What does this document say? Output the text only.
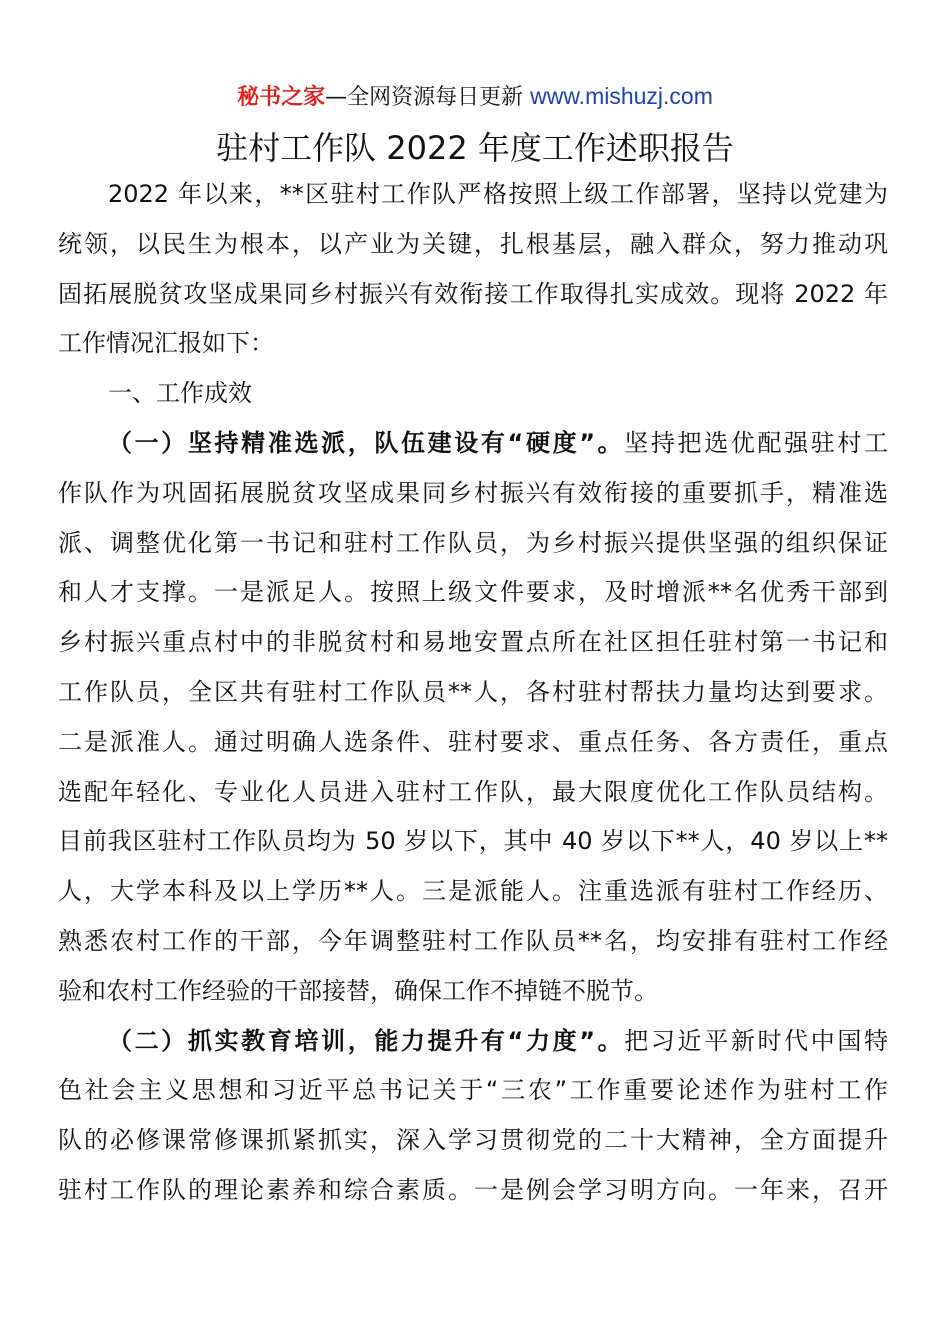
秘书之家—全网资源每日更新 www.mishuzj.com
驻村工作队 2022 年度工作述职报告
2022 年以来，**区驻村工作队严格按照上级工作部署，坚持以党建为
统领，以民生为根本，以产业为关键，扎根基层，融入群众，努力推动巩
固拓展脱贫攻坚成果同乡村振兴有效衔接工作取得扎实成效。现将 2022 年
工作情况汇报如下：
一、工作成效
（一）坚持精准选派，队伍建设有“硬度”。坚持把选优配强驻村工
作队作为巩固拓展脱贫攻坚成果同乡村振兴有效衔接的重要抓手，精准选
派、调整优化第一书记和驻村工作队员，为乡村振兴提供坚强的组织保证
和人才支撑。一是派足人。按照上级文件要求，及时增派**名优秀干部到
乡村振兴重点村中的非脱贫村和易地安置点所在社区担任驻村第一书记和
工作队员，全区共有驻村工作队员**人，各村驻村帮扶力量均达到要求。
二是派准人。通过明确人选条件、驻村要求、重点任务、各方责任，重点
选配年轻化、专业化人员进入驻村工作队，最大限度优化工作队员结构。
目前我区驻村工作队员均为 50 岁以下，其中 40 岁以下**人，40 岁以上**
人，大学本科及以上学历**人。三是派能人。注重选派有驻村工作经历、
熟悉农村工作的干部，今年调整驻村工作队员**名，均安排有驻村工作经
验和农村工作经验的干部接替，确保工作不掉链不脱节。
（二）抓实教育培训，能力提升有“力度”。把习近平新时代中国特
色社会主义思想和习近平总书记关于“三农”工作重要论述作为驻村工作
队的必修课常修课抓紧抓实，深入学习贯彻党的二十大精神，全方面提升
驻村工作队的理论素养和综合素质。一是例会学习明方向。一年来，召开
